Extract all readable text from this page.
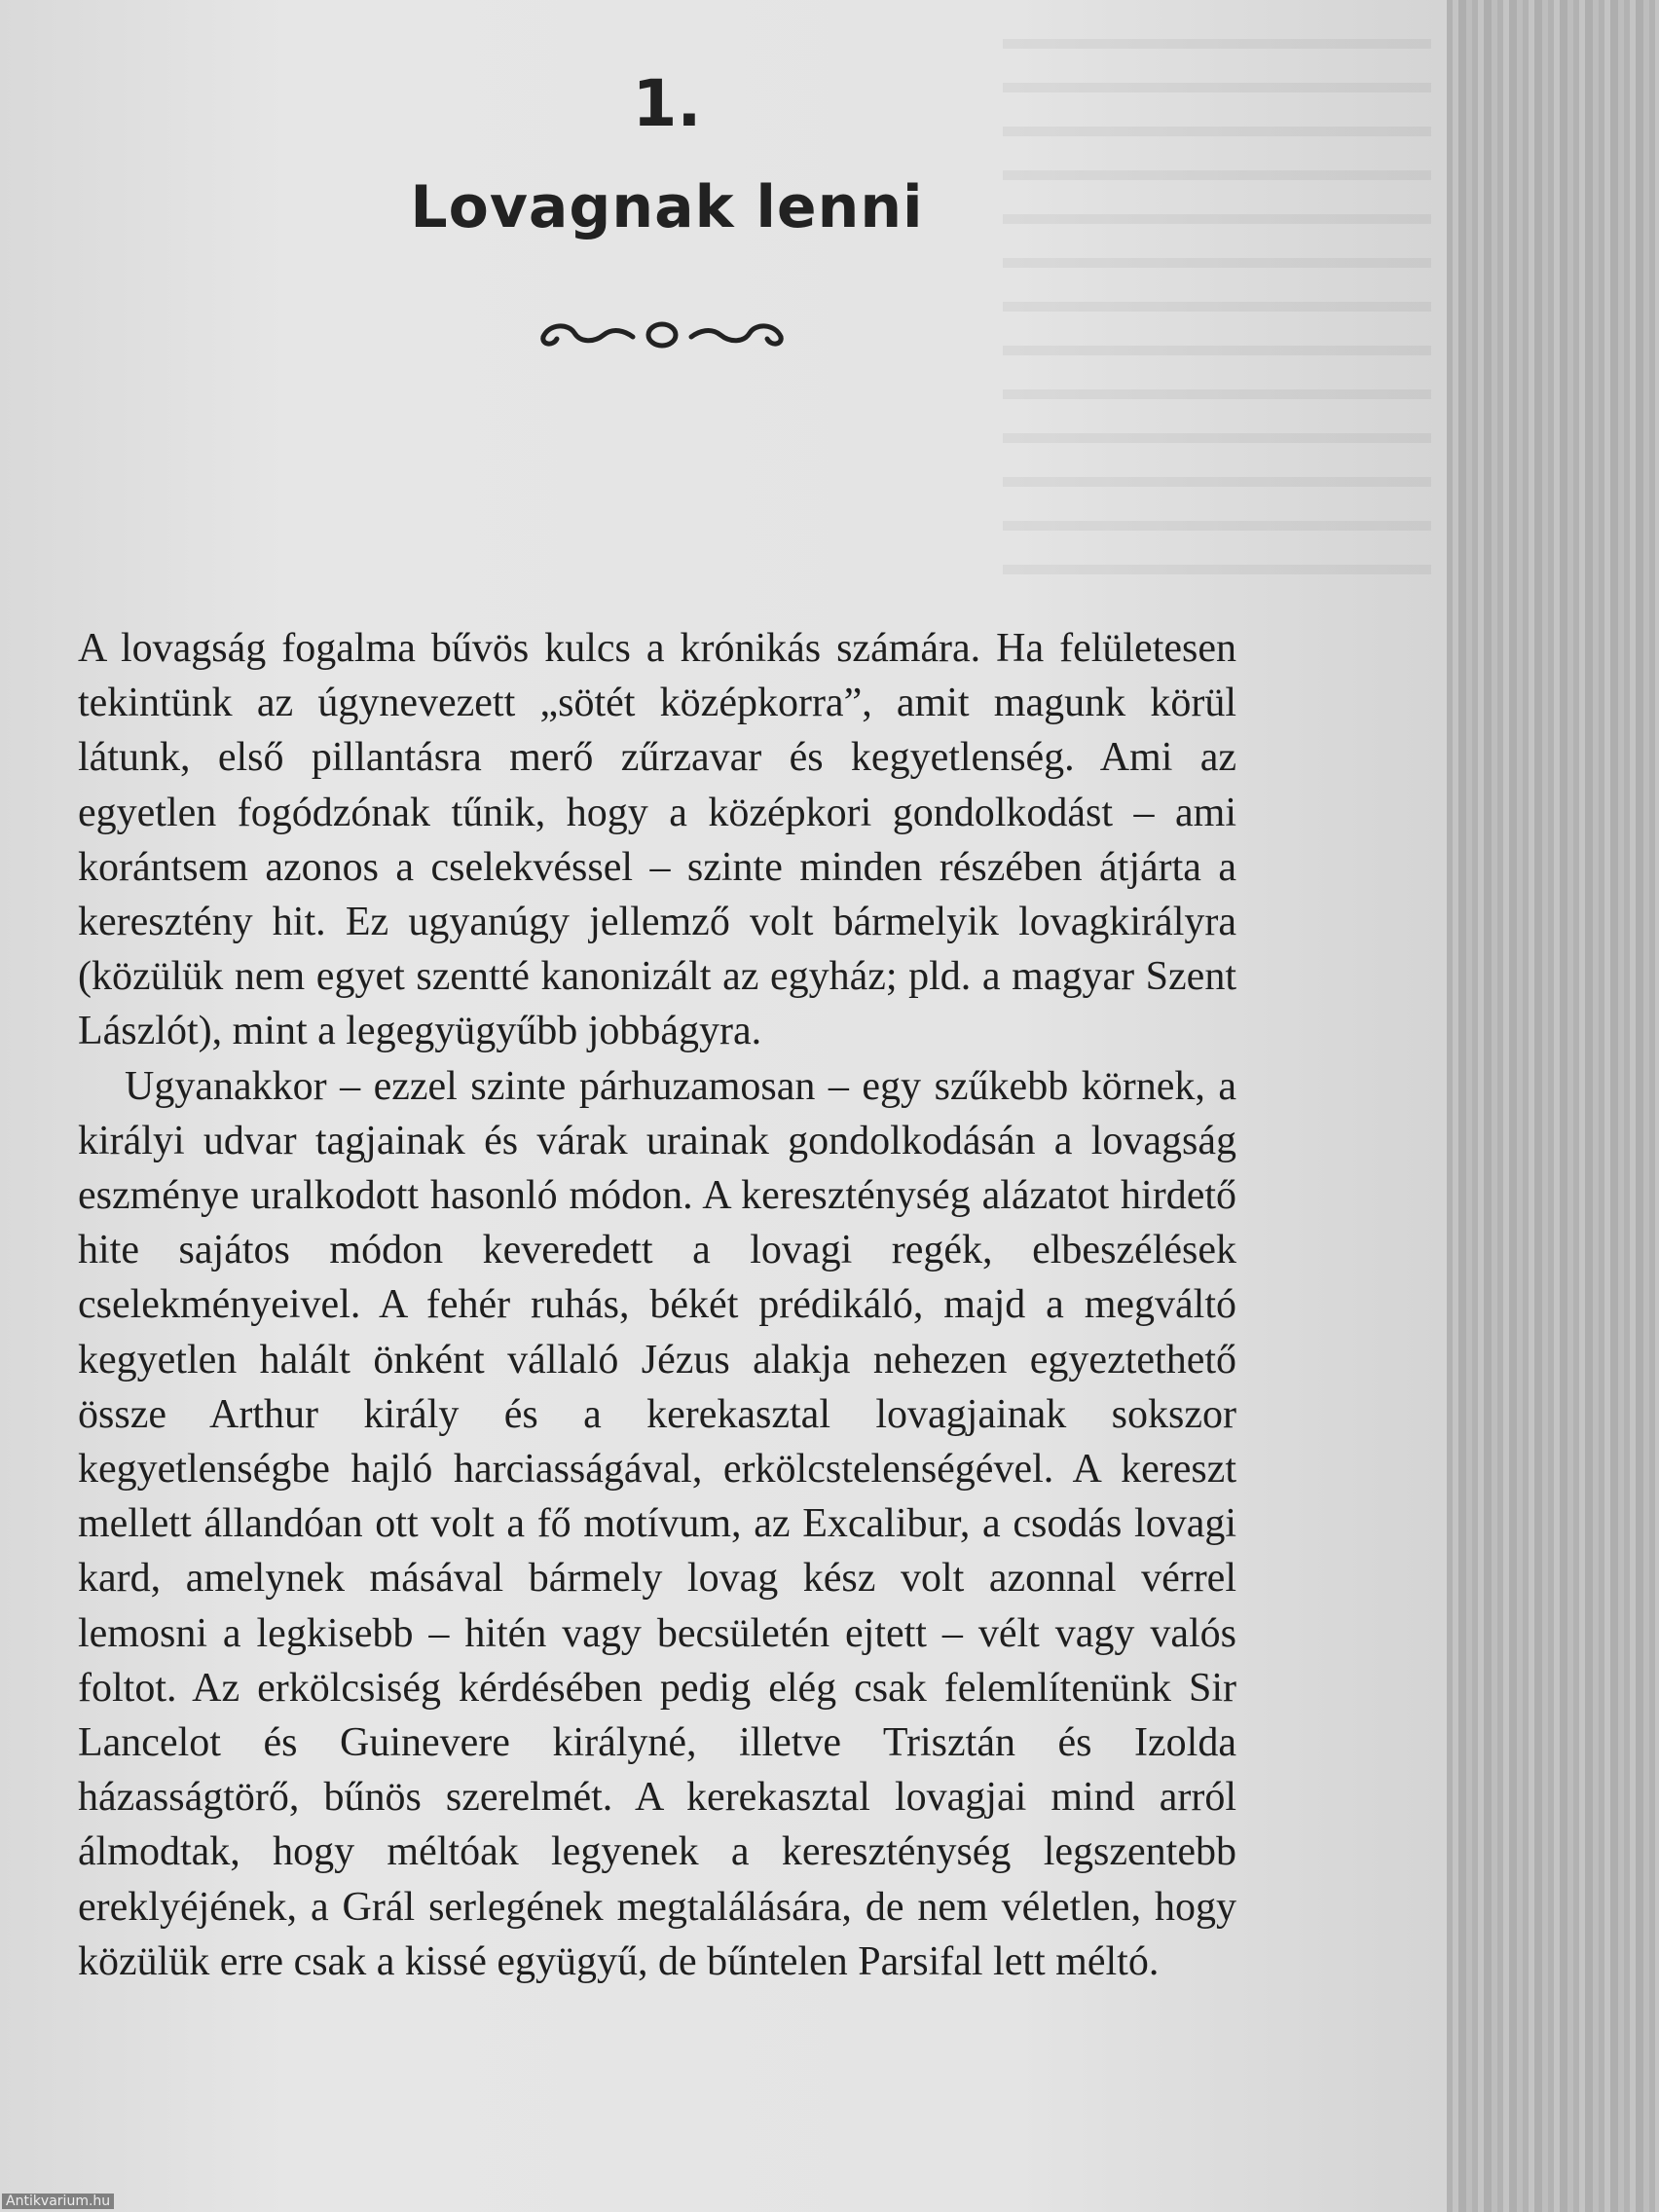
1.
Lovagnak lenni

A lovagság fogalma bűvös kulcs a krónikás számára. Ha felületesen tekintünk az úgynevezett „sötét középkorra”, amit magunk körül látunk, első pillantásra merő zűrzavar és kegyetlenség. Ami az egyetlen fogódzónak tűnik, hogy a középkori gondolkodást – ami korántsem azonos a cselekvéssel – szinte minden részében átjárta a keresztény hit. Ez ugyanúgy jellemző volt bármelyik lovagkirályra (közülük nem egyet szentté kanonizált az egyház; pld. a magyar Szent Lászlót), mint a legegyügyűbb jobbágyra.

Ugyanakkor – ezzel szinte párhuzamosan – egy szűkebb körnek, a királyi udvar tagjainak és várak urainak gondolkodásán a lovagság eszménye uralkodott hasonló módon. A kereszténység alázatot hirdető hite sajátos módon keveredett a lovagi regék, elbeszélések cselekményeivel. A fehér ruhás, békét prédikáló, majd a megváltó kegyetlen halált önként vállaló Jézus alakja nehezen egyeztethető össze Arthur király és a kerekasztal lovagjainak sokszor kegyetlenségbe hajló harciasságával, erkölcstelenségével. A kereszt mellett állandóan ott volt a fő motívum, az Excalibur, a csodás lovagi kard, amelynek másával bármely lovag kész volt azonnal vérrel lemosni a legkisebb – hitén vagy becsületén ejtett – vélt vagy valós foltot. Az erkölcsiség kérdésében pedig elég csak felemlítenünk Sir Lancelot és Guinevere királyné, illetve Trisztán és Izolda házasságtörő, bűnös szerelmét. A kerekasztal lovagjai mind arról álmodtak, hogy méltóak legyenek a kereszténység legszentebb ereklyéjének, a Grál serlegének megtalálására, de nem véletlen, hogy közülük erre csak a kissé együgyű, de bűntelen Parsifal lett méltó.

Antikvarium.hu
